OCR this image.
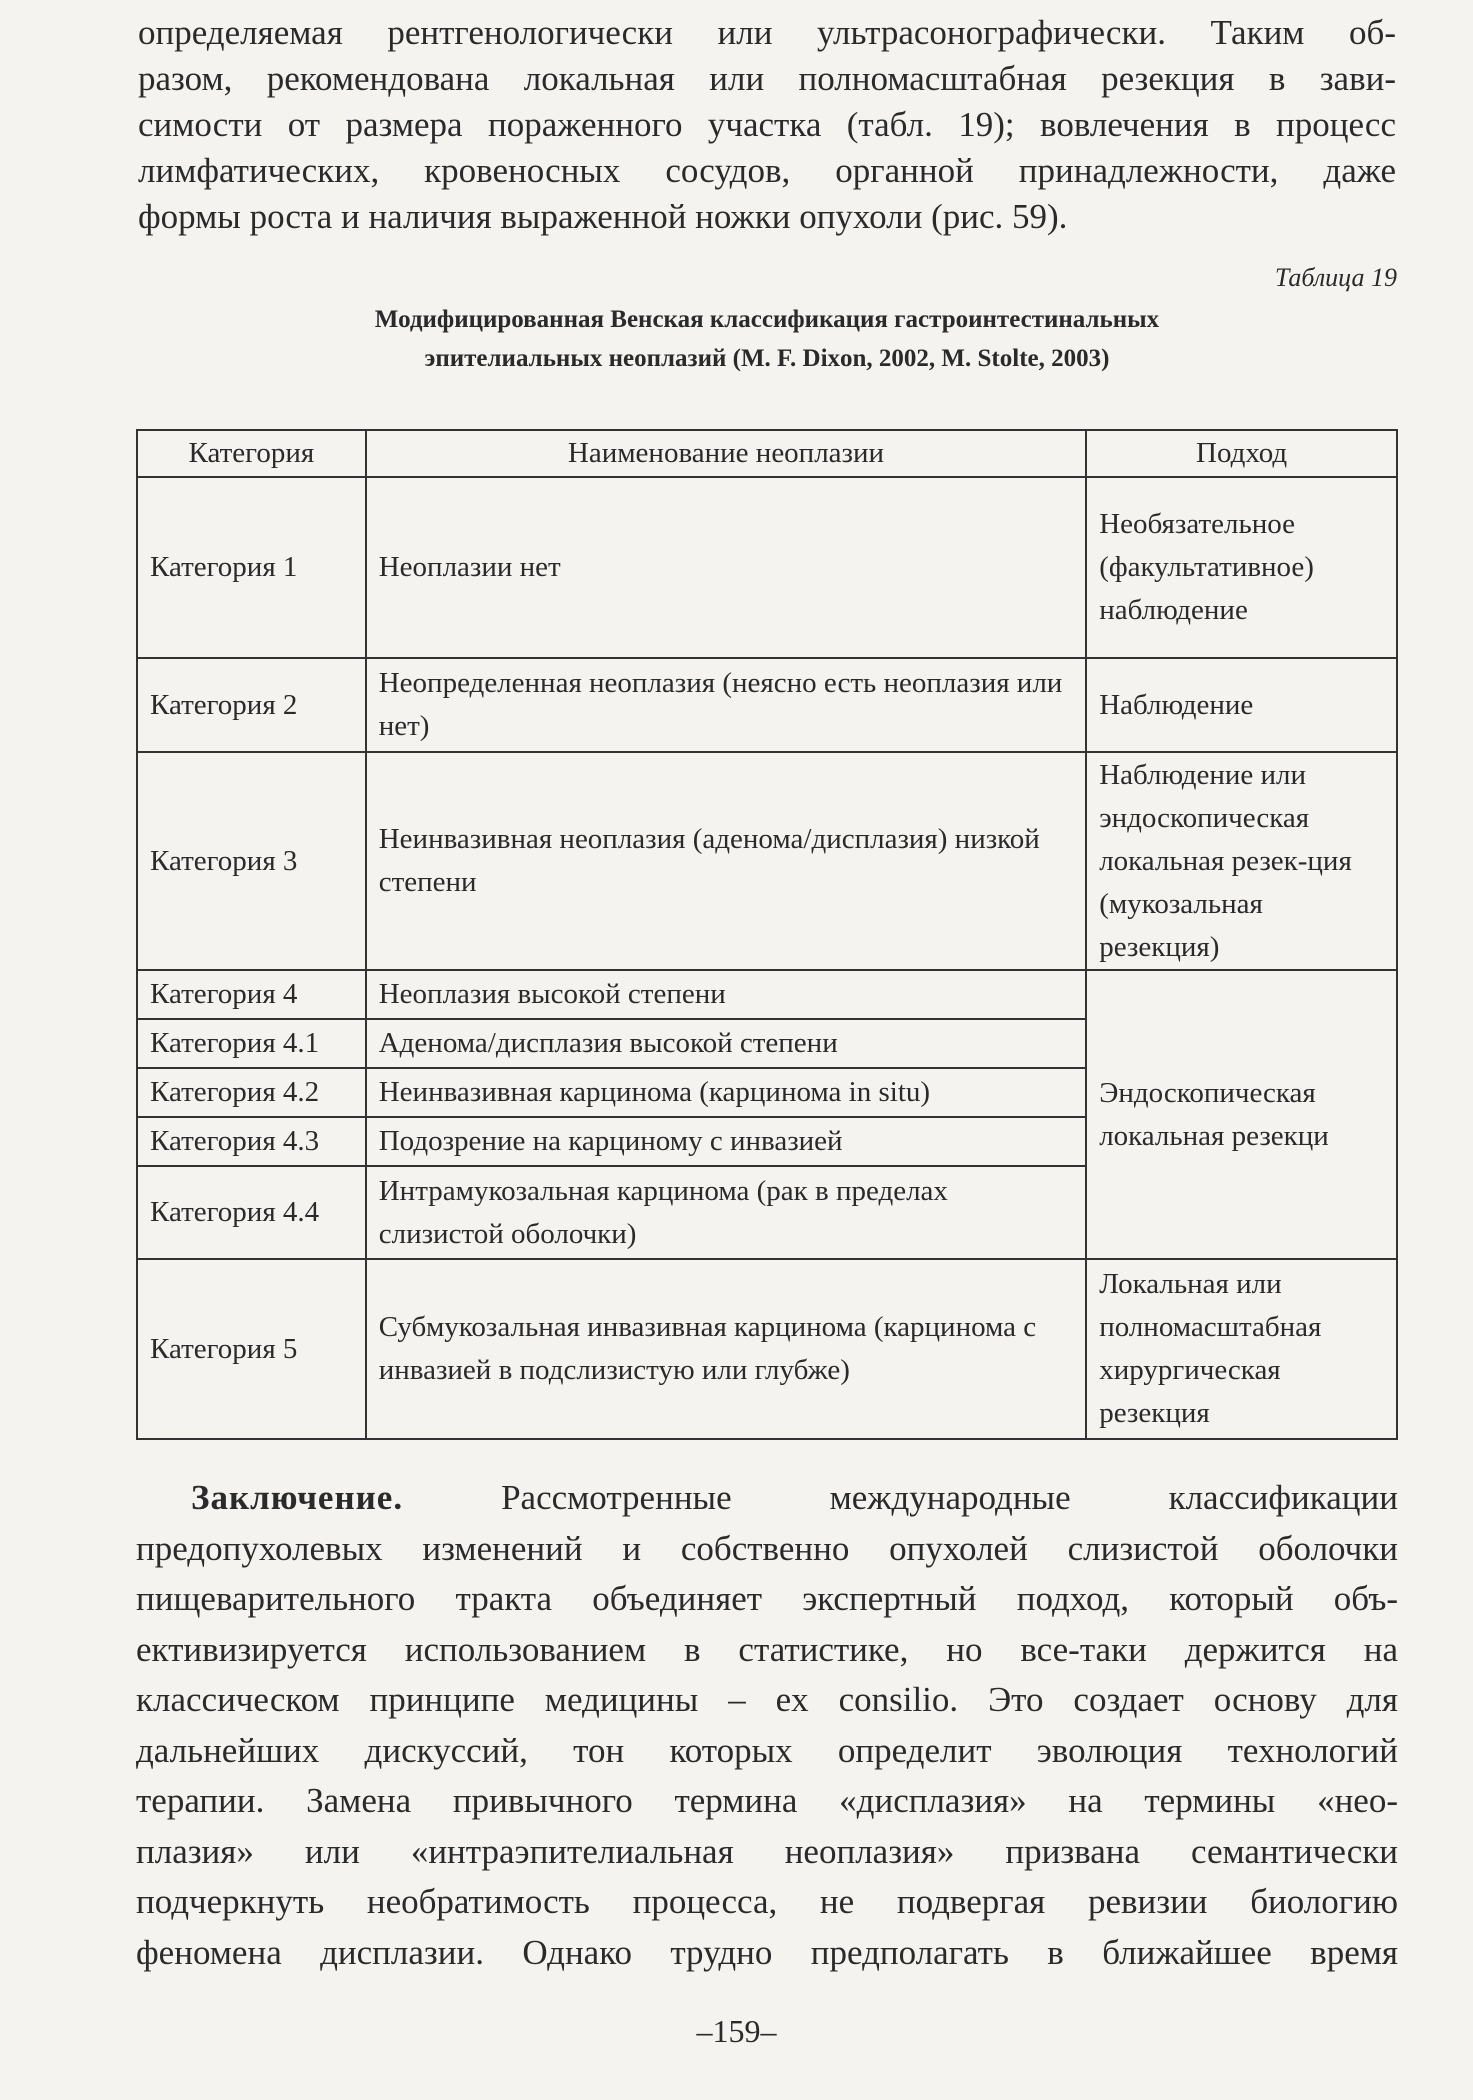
определяемая рентгенологически или ультрасонографически. Таким об-
разом, рекомендована локальная или полномасштабная резекция в зави-
симости от размера пораженного участка (табл. 19); вовлечения в процесс
лимфатических, кровеносных сосудов, органной принадлежности, даже
формы роста и наличия выраженной ножки опухоли (рис. 59).

Таблица 19

Модифицированная Венская классификация гастроинтестинальных
эпителиальных неоплазий (M. F. Dixon, 2002, M. Stolte, 2003)

Категория	Наименование неоплазии	Подход
Категория 1	Неоплазии нет	Необязательное (факультативное) наблюдение
Категория 2	Неопределенная неоплазия (неясно есть неоплазия или нет)	Наблюдение
Категория 3	Неинвазивная неоплазия (аденома/дисплазия) низкой степени	Наблюдение или эндоскопическая локальная резек-ция (мукозальная резекция)
Категория 4	Неоплазия высокой степени	Эндоскопическая локальная резекци
Категория 4.1	Аденома/дисплазия высокой степени	
Категория 4.2	Неинвазивная карцинома (карцинома in situ)	
Категория 4.3	Подозрение на карциному с инвазией	
Категория 4.4	Интрамукозальная карцинома (рак в пределах слизистой оболочки)	
Категория 5	Субмукозальная инвазивная карцинома (карцинома с инвазией в подслизистую или глубже)	Локальная или полномасштабная хирургическая резекция

Заключение.	Рассмотренные международные классификации
предопухолевых изменений и собственно опухолей слизистой оболочки
пищеварительного тракта объединяет экспертный подход, который объ-
ективизируется использованием в статистике, но все-таки держится на
классическом принципе медицины – ex consilio. Это создает основу для
дальнейших дискуссий, тон которых определит эволюция технологий
терапии. Замена привычного термина «дисплазия» на термины «нео-
плазия» или «интраэпителиальная неоплазия» призвана семантически
подчеркнуть необратимость процесса, не подвергая ревизии биологию
феномена дисплазии. Однако трудно предполагать в ближайшее время

–159–
